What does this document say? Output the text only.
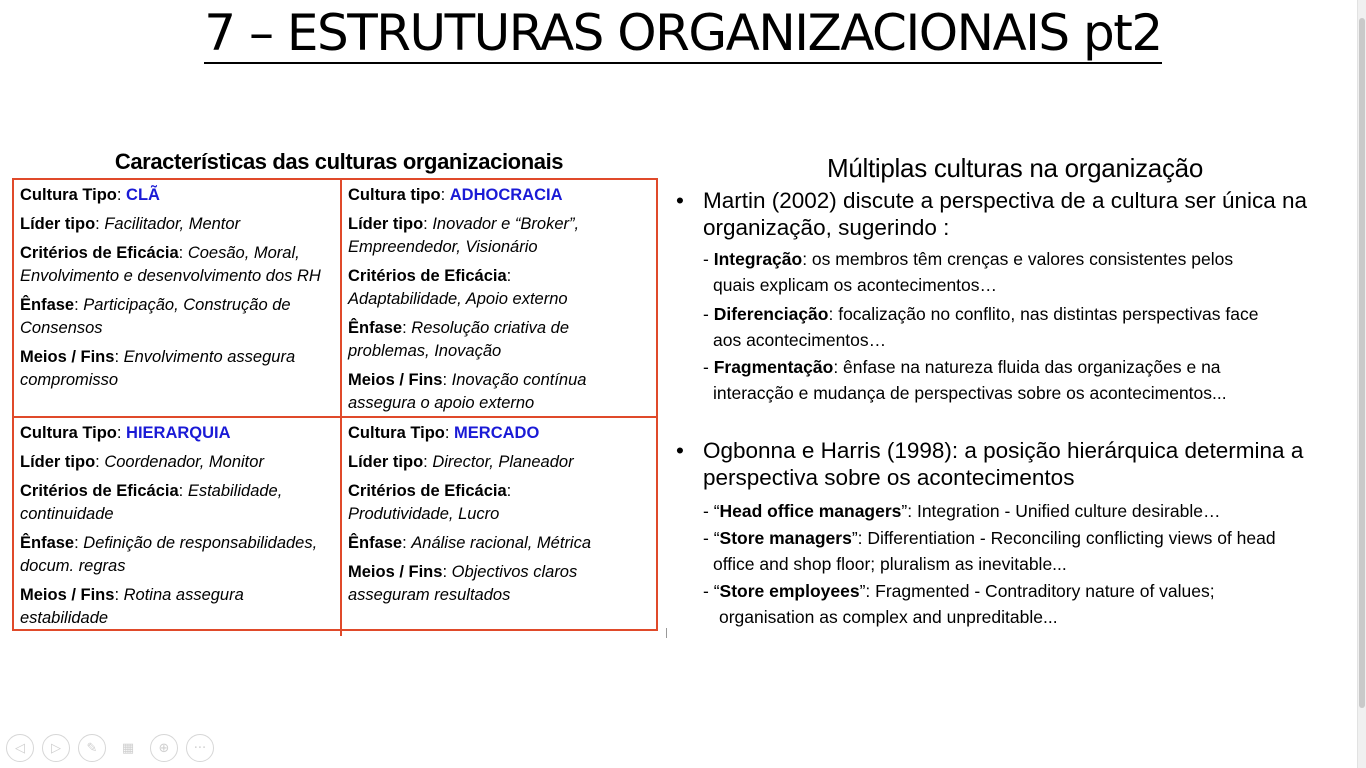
7 – ESTRUTURAS ORGANIZACIONAIS pt2
Características das culturas organizacionais
Cultura Tipo: CLÃ
Líder tipo: Facilitador, Mentor
Critérios de Eficácia: Coesão, Moral, Envolvimento e desenvolvimento dos RH
Ênfase: Participação, Construção de Consensos
Meios / Fins: Envolvimento assegura compromisso
Cultura tipo: ADHOCRACIA
Líder tipo: Inovador e “Broker”, Empreendedor, Visionário
Critérios de Eficácia:
Adaptabilidade, Apoio externo
Ênfase: Resolução criativa de problemas, Inovação
Meios / Fins: Inovação contínua assegura o apoio externo
Cultura Tipo: HIERARQUIA
Líder tipo: Coordenador, Monitor
Critérios de Eficácia: Estabilidade, continuidade
Ênfase: Definição de responsabilidades, docum. regras
Meios / Fins: Rotina assegura estabilidade
Cultura Tipo: MERCADO
Líder tipo: Director, Planeador
Critérios de Eficácia:
Produtividade, Lucro
Ênfase: Análise racional, Métrica
Meios / Fins: Objectivos claros asseguram resultados
Múltiplas culturas na organização
• Martin (2002) discute a perspectiva de a cultura ser única na organização, sugerindo :
- Integração: os membros têm crenças e valores consistentes pelos
quais explicam os acontecimentos…
- Diferenciação: focalização no conflito, nas distintas perspectivas face
aos acontecimentos…
- Fragmentação: ênfase na natureza fluida das organizações e na
interacção e mudança de perspectivas sobre os acontecimentos...
• Ogbonna e Harris (1998): a posição hierárquica determina a perspectiva sobre os acontecimentos
- “Head office managers”: Integration - Unified culture desirable…
- “Store managers”: Differentiation - Reconciling conflicting views of head
office and shop floor; pluralism as inevitable...
- “Store employees”: Fragmented - Contraditory nature of values;
organisation as complex and unpreditable...
◁	▷	✎	▦	⊕	···
